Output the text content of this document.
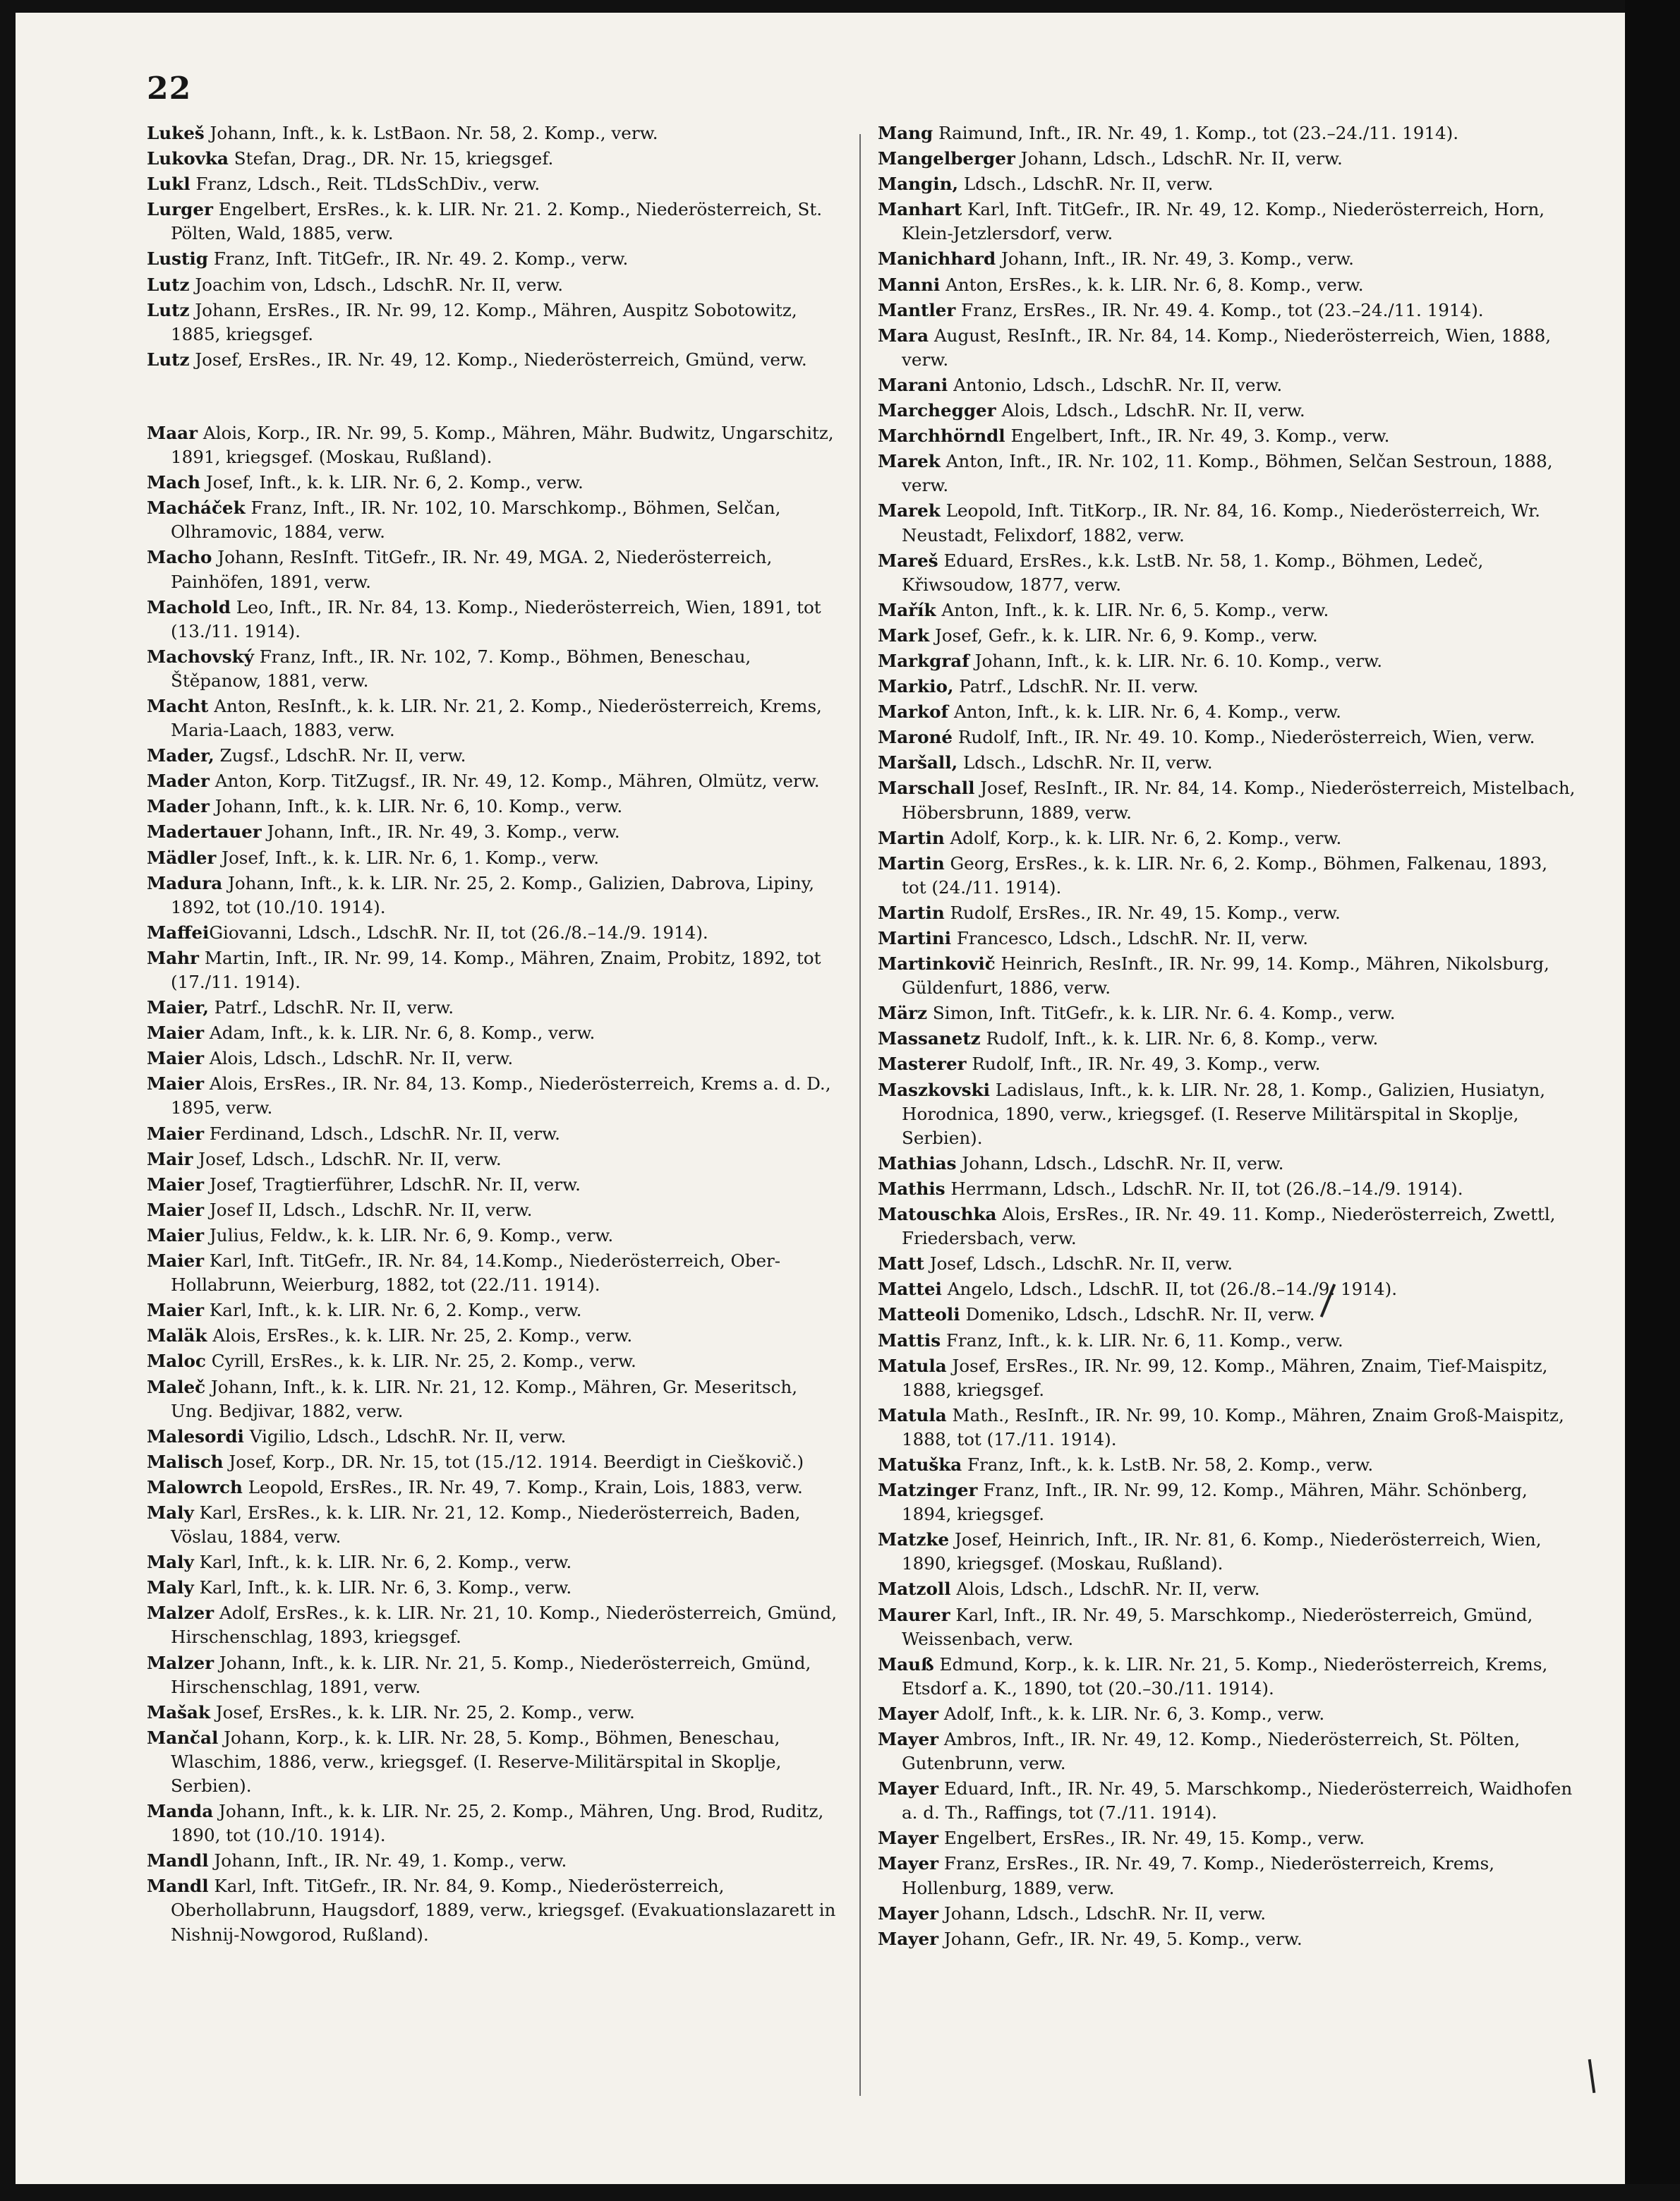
22
Lukeš Johann, Inft., k. k. LstBaon. Nr. 58, 2. Komp., verw.
Lukovka Stefan, Drag., DR. Nr. 15, kriegsgef.
Lukl Franz, Ldsch., Reit. TLdsSchDiv., verw.
Lurger Engelbert, ErsRes., k. k. LIR. Nr. 21. 2. Komp., Niederösterreich, St. Pölten, Wald, 1885, verw.
Lustig Franz, Inft. TitGefr., IR. Nr. 49. 2. Komp., verw.
Lutz Joachim von, Ldsch., LdschR. Nr. II, verw.
Lutz Johann, ErsRes., IR. Nr. 99, 12. Komp., Mähren, Auspitz Sobotowitz, 1885, kriegsgef.
Lutz Josef, ErsRes., IR. Nr. 49, 12. Komp., Niederösterreich, Gmünd, verw.
Maar Alois, Korp., IR. Nr. 99, 5. Komp., Mähren, Mähr. Budwitz, Ungarschitz, 1891, kriegsgef. (Moskau, Rußland).
Mach Josef, Inft., k. k. LIR. Nr. 6, 2. Komp., verw.
Macháček Franz, Inft., IR. Nr. 102, 10. Marschkomp., Böhmen, Selčan, Olhramovic, 1884, verw.
Macho Johann, ResInft. TitGefr., IR. Nr. 49, MGA. 2, Niederösterreich, Painhöfen, 1891, verw.
Machold Leo, Inft., IR. Nr. 84, 13. Komp., Niederösterreich, Wien, 1891, tot (13./11. 1914).
Machovský Franz, Inft., IR. Nr. 102, 7. Komp., Böhmen, Beneschau, Štěpanow, 1881, verw.
Macht Anton, ResInft., k. k. LIR. Nr. 21, 2. Komp., Niederösterreich, Krems, Maria-Laach, 1883, verw.
Mader, Zugsf., LdschR. Nr. II, verw.
Mader Anton, Korp. TitZugsf., IR. Nr. 49, 12. Komp., Mähren, Olmütz, verw.
Mader Johann, Inft., k. k. LIR. Nr. 6, 10. Komp., verw.
Madertauer Johann, Inft., IR. Nr. 49, 3. Komp., verw.
Mädler Josef, Inft., k. k. LIR. Nr. 6, 1. Komp., verw.
Madura Johann, Inft., k. k. LIR. Nr. 25, 2. Komp., Galizien, Dabrova, Lipiny, 1892, tot (10./10. 1914).
MaffeiGiovanni, Ldsch., LdschR. Nr. II, tot (26./8.–14./9. 1914).
Mahr Martin, Inft., IR. Nr. 99, 14. Komp., Mähren, Znaim, Probitz, 1892, tot (17./11. 1914).
Maier, Patrf., LdschR. Nr. II, verw.
Maier Adam, Inft., k. k. LIR. Nr. 6, 8. Komp., verw.
Maier Alois, Ldsch., LdschR. Nr. II, verw.
Maier Alois, ErsRes., IR. Nr. 84, 13. Komp., Niederösterreich, Krems a. d. D., 1895, verw.
Maier Ferdinand, Ldsch., LdschR. Nr. II, verw.
Mair Josef, Ldsch., LdschR. Nr. II, verw.
Maier Josef, Tragtierführer, LdschR. Nr. II, verw.
Maier Josef II, Ldsch., LdschR. Nr. II, verw.
Maier Julius, Feldw., k. k. LIR. Nr. 6, 9. Komp., verw.
Maier Karl, Inft. TitGefr., IR. Nr. 84, 14.Komp., Niederösterreich, Ober-Hollabrunn, Weierburg, 1882, tot (22./11. 1914).
Maier Karl, Inft., k. k. LIR. Nr. 6, 2. Komp., verw.
Maläk Alois, ErsRes., k. k. LIR. Nr. 25, 2. Komp., verw.
Maloc Cyrill, ErsRes., k. k. LIR. Nr. 25, 2. Komp., verw.
Maleč Johann, Inft., k. k. LIR. Nr. 21, 12. Komp., Mähren, Gr. Meseritsch, Ung. Bedjivar, 1882, verw.
Malesordi Vigilio, Ldsch., LdschR. Nr. II, verw.
Malisch Josef, Korp., DR. Nr. 15, tot (15./12. 1914. Beerdigt in Cieškovič.)
Malowrch Leopold, ErsRes., IR. Nr. 49, 7. Komp., Krain, Lois, 1883, verw.
Maly Karl, ErsRes., k. k. LIR. Nr. 21, 12. Komp., Niederösterreich, Baden, Vöslau, 1884, verw.
Maly Karl, Inft., k. k. LIR. Nr. 6, 2. Komp., verw.
Maly Karl, Inft., k. k. LIR. Nr. 6, 3. Komp., verw.
Malzer Adolf, ErsRes., k. k. LIR. Nr. 21, 10. Komp., Niederösterreich, Gmünd, Hirschenschlag, 1893, kriegsgef.
Malzer Johann, Inft., k. k. LIR. Nr. 21, 5. Komp., Niederösterreich, Gmünd, Hirschenschlag, 1891, verw.
Mašak Josef, ErsRes., k. k. LIR. Nr. 25, 2. Komp., verw.
Mančal Johann, Korp., k. k. LIR. Nr. 28, 5. Komp., Böhmen, Beneschau, Wlaschim, 1886, verw., kriegsgef. (I. Reserve-Militärspital in Skoplje, Serbien).
Manda Johann, Inft., k. k. LIR. Nr. 25, 2. Komp., Mähren, Ung. Brod, Ruditz, 1890, tot (10./10. 1914).
Mandl Johann, Inft., IR. Nr. 49, 1. Komp., verw.
Mandl Karl, Inft. TitGefr., IR. Nr. 84, 9. Komp., Niederösterreich, Oberhollabrunn, Haugsdorf, 1889, verw., kriegsgef. (Evakuationslazarett in Nishnij-Nowgorod, Rußland).
Mang Raimund, Inft., IR. Nr. 49, 1. Komp., tot (23.–24./11. 1914).
Mangelberger Johann, Ldsch., LdschR. Nr. II, verw.
Mangin, Ldsch., LdschR. Nr. II, verw.
Manhart Karl, Inft. TitGefr., IR. Nr. 49, 12. Komp., Niederösterreich, Horn, Klein-Jetzlersdorf, verw.
Manichhard Johann, Inft., IR. Nr. 49, 3. Komp., verw.
Manni Anton, ErsRes., k. k. LIR. Nr. 6, 8. Komp., verw.
Mantler Franz, ErsRes., IR. Nr. 49. 4. Komp., tot (23.–24./11. 1914).
Mara August, ResInft., IR. Nr. 84, 14. Komp., Niederösterreich, Wien, 1888, verw.
Marani Antonio, Ldsch., LdschR. Nr. II, verw.
Marchegger Alois, Ldsch., LdschR. Nr. II, verw.
Marchhörndl Engelbert, Inft., IR. Nr. 49, 3. Komp., verw.
Marek Anton, Inft., IR. Nr. 102, 11. Komp., Böhmen, Selčan Sestroun, 1888, verw.
Marek Leopold, Inft. TitKorp., IR. Nr. 84, 16. Komp., Niederösterreich, Wr. Neustadt, Felixdorf, 1882, verw.
Mareš Eduard, ErsRes., k.k. LstB. Nr. 58, 1. Komp., Böhmen, Ledeč, Křiwsoudow, 1877, verw.
Mařík Anton, Inft., k. k. LIR. Nr. 6, 5. Komp., verw.
Mark Josef, Gefr., k. k. LIR. Nr. 6, 9. Komp., verw.
Markgraf Johann, Inft., k. k. LIR. Nr. 6. 10. Komp., verw.
Markio, Patrf., LdschR. Nr. II. verw.
Markof Anton, Inft., k. k. LIR. Nr. 6, 4. Komp., verw.
Maroné Rudolf, Inft., IR. Nr. 49. 10. Komp., Niederösterreich, Wien, verw.
Maršall, Ldsch., LdschR. Nr. II, verw.
Marschall Josef, ResInft., IR. Nr. 84, 14. Komp., Niederösterreich, Mistelbach, Höbersbrunn, 1889, verw.
Martin Adolf, Korp., k. k. LIR. Nr. 6, 2. Komp., verw.
Martin Georg, ErsRes., k. k. LIR. Nr. 6, 2. Komp., Böhmen, Falkenau, 1893, tot (24./11. 1914).
Martin Rudolf, ErsRes., IR. Nr. 49, 15. Komp., verw.
Martini Francesco, Ldsch., LdschR. Nr. II, verw.
Martinkovič Heinrich, ResInft., IR. Nr. 99, 14. Komp., Mähren, Nikolsburg, Güldenfurt, 1886, verw.
März Simon, Inft. TitGefr., k. k. LIR. Nr. 6. 4. Komp., verw.
Massanetz Rudolf, Inft., k. k. LIR. Nr. 6, 8. Komp., verw.
Masterer Rudolf, Inft., IR. Nr. 49, 3. Komp., verw.
Maszkovski Ladislaus, Inft., k. k. LIR. Nr. 28, 1. Komp., Galizien, Husiatyn, Horodnica, 1890, verw., kriegsgef. (I. Reserve Militärspital in Skoplje, Serbien).
Mathias Johann, Ldsch., LdschR. Nr. II, verw.
Mathis Herrmann, Ldsch., LdschR. Nr. II, tot (26./8.–14./9. 1914).
Matouschka Alois, ErsRes., IR. Nr. 49. 11. Komp., Niederösterreich, Zwettl, Friedersbach, verw.
Matt Josef, Ldsch., LdschR. Nr. II, verw.
Mattei Angelo, Ldsch., LdschR. II, tot (26./8.–14./9. 1914).
Matteoli Domeniko, Ldsch., LdschR. Nr. II, verw.
Mattis Franz, Inft., k. k. LIR. Nr. 6, 11. Komp., verw.
Matula Josef, ErsRes., IR. Nr. 99, 12. Komp., Mähren, Znaim, Tief-Maispitz, 1888, kriegsgef.
Matula Math., ResInft., IR. Nr. 99, 10. Komp., Mähren, Znaim Groß-Maispitz, 1888, tot (17./11. 1914).
Matuška Franz, Inft., k. k. LstB. Nr. 58, 2. Komp., verw.
Matzinger Franz, Inft., IR. Nr. 99, 12. Komp., Mähren, Mähr. Schönberg, 1894, kriegsgef.
Matzke Josef, Heinrich, Inft., IR. Nr. 81, 6. Komp., Niederösterreich, Wien, 1890, kriegsgef. (Moskau, Rußland).
Matzoll Alois, Ldsch., LdschR. Nr. II, verw.
Maurer Karl, Inft., IR. Nr. 49, 5. Marschkomp., Niederösterreich, Gmünd, Weissenbach, verw.
Mauß Edmund, Korp., k. k. LIR. Nr. 21, 5. Komp., Niederösterreich, Krems, Etsdorf a. K., 1890, tot (20.–30./11. 1914).
Mayer Adolf, Inft., k. k. LIR. Nr. 6, 3. Komp., verw.
Mayer Ambros, Inft., IR. Nr. 49, 12. Komp., Niederösterreich, St. Pölten, Gutenbrunn, verw.
Mayer Eduard, Inft., IR. Nr. 49, 5. Marschkomp., Niederösterreich, Waidhofen a. d. Th., Raffings, tot (7./11. 1914).
Mayer Engelbert, ErsRes., IR. Nr. 49, 15. Komp., verw.
Mayer Franz, ErsRes., IR. Nr. 49, 7. Komp., Niederösterreich, Krems, Hollenburg, 1889, verw.
Mayer Johann, Ldsch., LdschR. Nr. II, verw.
Mayer Johann, Gefr., IR. Nr. 49, 5. Komp., verw.
